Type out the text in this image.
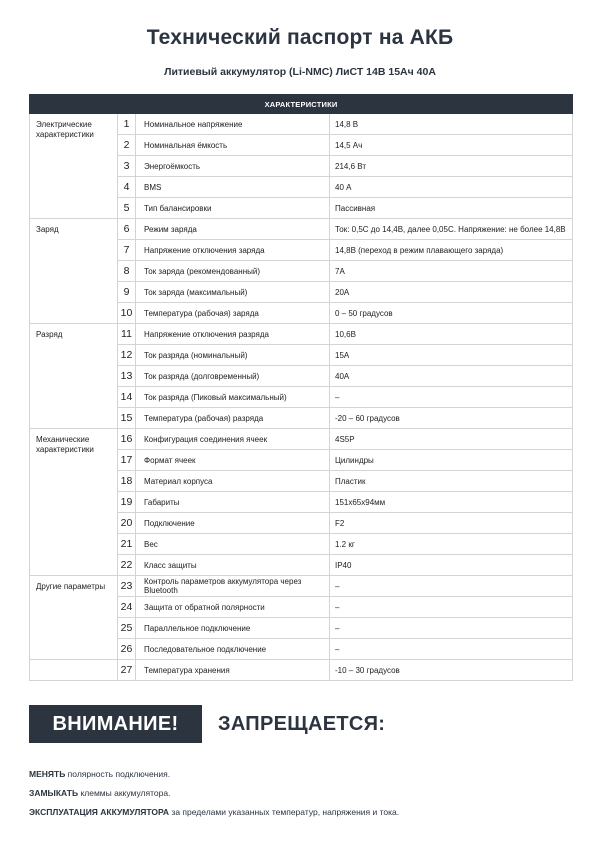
Технический паспорт на АКБ
Литиевый аккумулятор (Li-NMC) ЛиСТ 14В 15Ач 40А
ХАРАКТЕРИСТИКИ			
Электрические характеристики	1	Номинальное напряжение	14,8 В
	2	Номинальная ёмкость	14,5 Ач
	3	Энергоёмкость	214,6 Вт
	4	BMS	40 А
	5	Тип балансировки	Пассивная
Заряд	6	Режим заряда	Ток: 0,5С до 14,4В, далее 0,05С. Напряжение: не более 14,8В
	7	Напряжение отключения заряда	14,8В (переход в режим плавающего заряда)
	8	Ток заряда (рекомендованный)	7А
	9	Ток заряда (максимальный)	20А
	10	Температура (рабочая) заряда	0 – 50 градусов
Разряд	11	Напряжение отключения разряда	10,6В
	12	Ток разряда (номинальный)	15А
	13	Ток разряда (долговременный)	40А
	14	Ток разряда (Пиковый максимальный)	–
	15	Температура (рабочая) разряда	-20 – 60 градусов
Механические характеристики	16	Конфигурация соединения ячеек	4S5P
	17	Формат ячеек	Цилиндры
	18	Материал корпуса	Пластик
	19	Габариты	151x65x94мм
	20	Подключение	F2
	21	Вес	1.2 кг
	22	Класс защиты	IP40
Другие параметры	23	Контроль параметров аккумулятора через Bluetooth	–
	24	Защита от обратной полярности	–
	25	Параллельное подключение	–
	26	Последовательное подключение	–
	27	Температура хранения	-10 – 30 градусов
ВНИМАНИЕ!	ЗАПРЕЩАЕТСЯ:
МЕНЯТЬ полярность подключения.
ЗАМЫКАТЬ клеммы аккумулятора.
ЭКСПЛУАТАЦИЯ АККУМУЛЯТОРА за пределами указанных температур, напряжения и тока.
